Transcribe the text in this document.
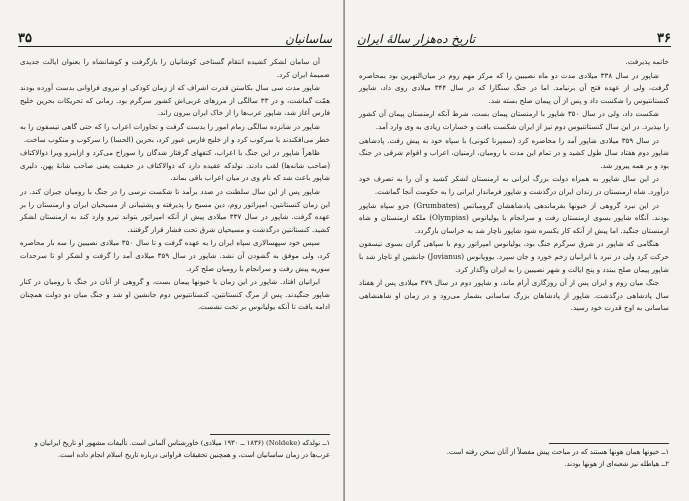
ساسانیان
۳۵

آن سامان لشکر کشیده انتقام گستاخی کوشانیان را بازگرفت و کوشانشاه را بعنوان ایالت جدیدی ضمیمهٔ ایران کرد.

شاپور مدت سی سال بکاستن قدرت اشراف که از زمان کودکی او نیروی فراوانی بدست آورده بودند همّت گماشت، و در ۳۳ سالگی از مرزهای غربی‌اش کشور سرگرم بود. زمانی که تحریکات بحرین خلیج فارس آغاز شد، شاپور عرب‌ها را از خاک ایران بیرون راند.

شاپور در شانزده سالگی زمام امور را بدست گرفت و تجاوزات اعراب را که حتی گاهی تیسفون را به خطر می‌افکندند با سرکوب کرد و از خلیج فارس عبور کرد، بحرین (الحسا) را سرکوب و منکوب ساخت.

ظاهراً شاپور در این جنگ با اعراب، کتفهای گرفتار شدگان را سوراخ می‌کرد و ازاینرو ویرا ذوالاکتاف (صاحب شانه‌ها) لقب دادند. نولدکه عقیده دارد که ذوالاکتاف در حقیقت یعنی صاحب شانهٔ پهن. دلیری شاپور باعث شد که نام وی در میان اعراب باقی بماند.

شاپور پس از این سال سلطنت در صدد برآمد تا شکست نرسی را در جنگ با رومیان جبران کند. در این زمان کنستانتین، امپراتور روم، دین مسیح را پذیرفته و پشتیبانی از مسیحیان ایران و ارمنستان را بر عهده گرفت. شاپور در سال ۳۳۷ میلادی پیش از آنکه امپراتور بتواند نیرو وارد کند به ارمنستان لشکر کشید. کنستانتین درگذشت و مسیحیان شرق تحت فشار قرار گرفتند.

سپس خود سپهسالاری سپاه ایران را به عهده گرفت و تا سال ۳۵۰ میلادی نصیبین را سه بار محاصره کرد، ولی موفق به گشودن آن نشد. شاپور در سال ۳۵۹ میلادی آمد را گرفت و لشکر او تا سرحدات سوریه پیش رفت و سرانجام با رومیان صلح کرد.

ایرانیان افتاد. شاپور در این زمان با خیونها پیمان بست، و گروهی از آنان در جنگ با رومیان در کنار شاپور جنگیدند. پس از مرگ کنستانتین، کنستانتیوس دوم جانشین او شد و جنگ میان دو دولت همچنان ادامه یافت تا آنکه یولیانوس بر تخت نشست.

۱ــ نولدکه (Noldeke) (۱۸۳۶ ــ ۱۹۳۰ میلادی) خاورشناس آلمانی است. تألیفات مشهور او تاریخ ایرانیان و عرب‌ها در زمان ساسانیان است، و همچنین تحقیقات فراوانی درباره تاریخ اسلام انجام داده است.
۳۶
تاریخ ده‌هزار سالهٔ ایران

خاتمه پذیرفت.

شاپور در سال ۳۳۸ میلادی مدت دو ماه نصیبین را که مرکز مهم روم در میان‌النهرین بود بمحاصره گرفت، ولی از عهده فتح آن برنیامد. اما در جنگ سنگارا که در سال ۳۴۴ میلادی روی داد، شاپور کنستانتیوس را شکست داد و پس از آن پیمان صلح بسته شد.

شکست داد، ولی در سال ۳۵۰ شاپور با ارمنستان پیمان بست، شرط آنکه ارمنستان پیمان آن کشور را بپذیرد. در این سال کنستانتیوس دوم نیز از ایران شکست یافت و خسارات زیادی به وی وارد آمد.

در سال ۳۵۹ میلادی شاپور آمد را محاصره کرد (سمپرنا کنونی) با سپاه خود به پیش رفت. پادشاهی شاپور دوم هفتاد سال طول کشید و در تمام این مدت با رومیان، ارمنیان، اعراب و اقوام شرقی در جنگ بود و بر همه پیروز شد.

در این سال شاپور به همراه دولت بزرگ ایرانی به ارمنستان لشکر کشید و آن را به تصرف خود درآورد. شاه ارمنستان در زندان ایران درگذشت و شاپور فرماندار ایرانی را به حکومت آنجا گماشت.

در این نبرد گروهی از خیونها بفرماندهی پادشاهشان گرومباتس (Grumbates) جزو سپاه شاپور بودند. آنگاه شاپور بسوی ارمنستان رفت و سرانجام با یولیانوس (Olympias) ملکه ارمنستان و شاه ارمنستان جنگید. اما پیش از آنکه کار یکسره شود شاپور ناچار شد به خراسان بازگردد.

هنگامی که شاپور در شرق سرگرم جنگ بود، یولیانوس امپراتور روم با سپاهی گران بسوی تیسفون حرکت کرد ولی در نبرد با ایرانیان زخم خورد و جان سپرد. یوویانوس (Jovianus) جانشین او ناچار شد با شاپور پیمان صلح ببندد و پنج ایالت و شهر نصیبین را به ایران واگذار کرد.

جنگ میان روم و ایران پس از آن روزگاری آرام ماند، و شاپور دوم در سال ۳۷۹ میلادی پس از هفتاد سال پادشاهی درگذشت. شاپور از پادشاهان بزرگ ساسانی بشمار می‌رود و در زمان او شاهنشاهی ساسانی به اوج قدرت خود رسید.

۱ــ خیونها همان هونها هستند که در مباحث پیش مفصلاً از آنان سخن رفته است.
۲ــ هیاطله نیز شعبه‌ای از هونها بودند.
